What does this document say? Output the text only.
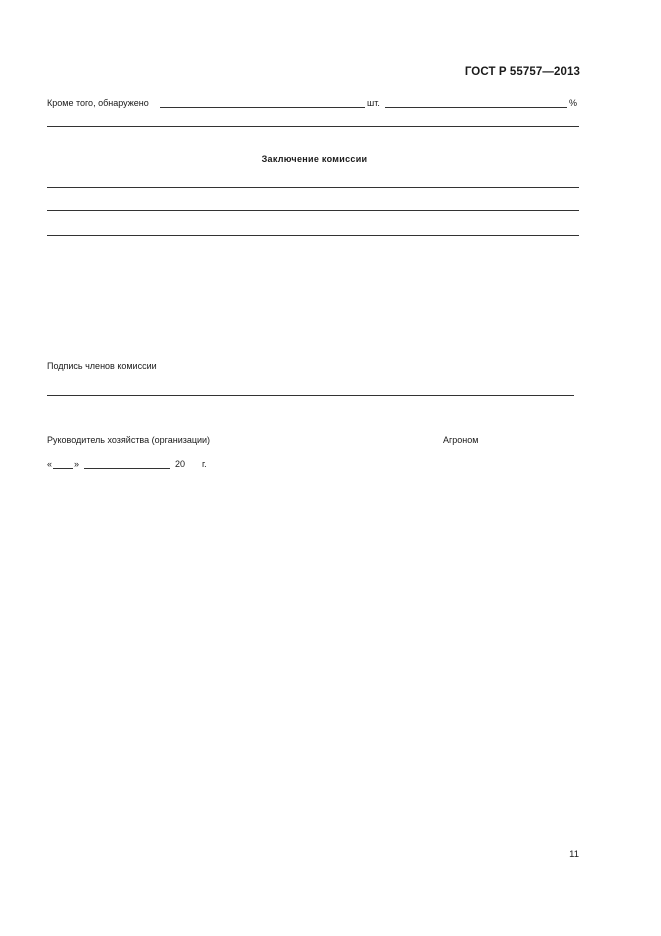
ГОСТ Р 55757—2013
Кроме того, обнаружено	шт.	%
Заключение комиссии
Подпись членов комиссии
Руководитель хозяйства (организации)	Агроном
« »	20 г.
11
